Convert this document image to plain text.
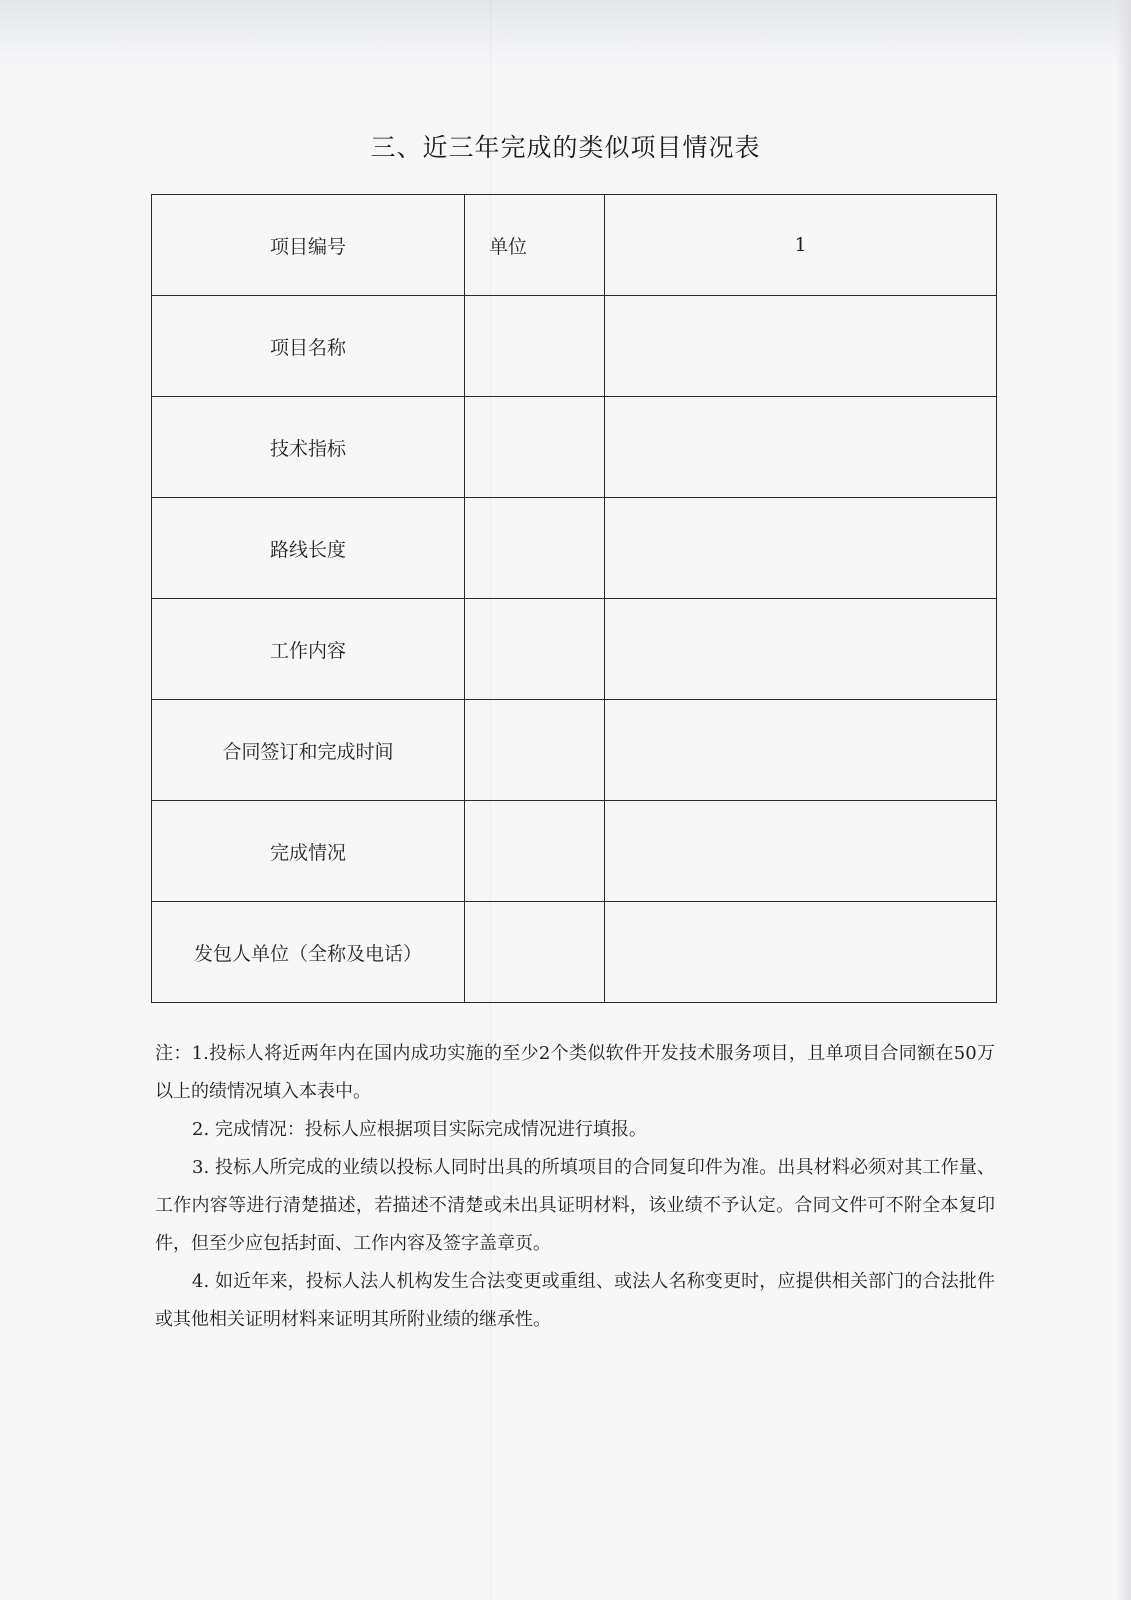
三、近三年完成的类似项目情况表
项目编号	单位	1
项目名称		
技术指标		
路线长度		
工作内容		
合同签订和完成时间		
完成情况		
发包人单位（全称及电话）		

注：1.投标人将近两年内在国内成功实施的至少2个类似软件开发技术服务项目，且单项目合同额在50万以上的绩情况填入本表中。

2. 完成情况：投标人应根据项目实际完成情况进行填报。

3. 投标人所完成的业绩以投标人同时出具的所填项目的合同复印件为准。出具材料必须对其工作量、工作内容等进行清楚描述，若描述不清楚或未出具证明材料，该业绩不予认定。合同文件可不附全本复印件，但至少应包括封面、工作内容及签字盖章页。

4. 如近年来，投标人法人机构发生合法变更或重组、或法人名称变更时，应提供相关部门的合法批件或其他相关证明材料来证明其所附业绩的继承性。
